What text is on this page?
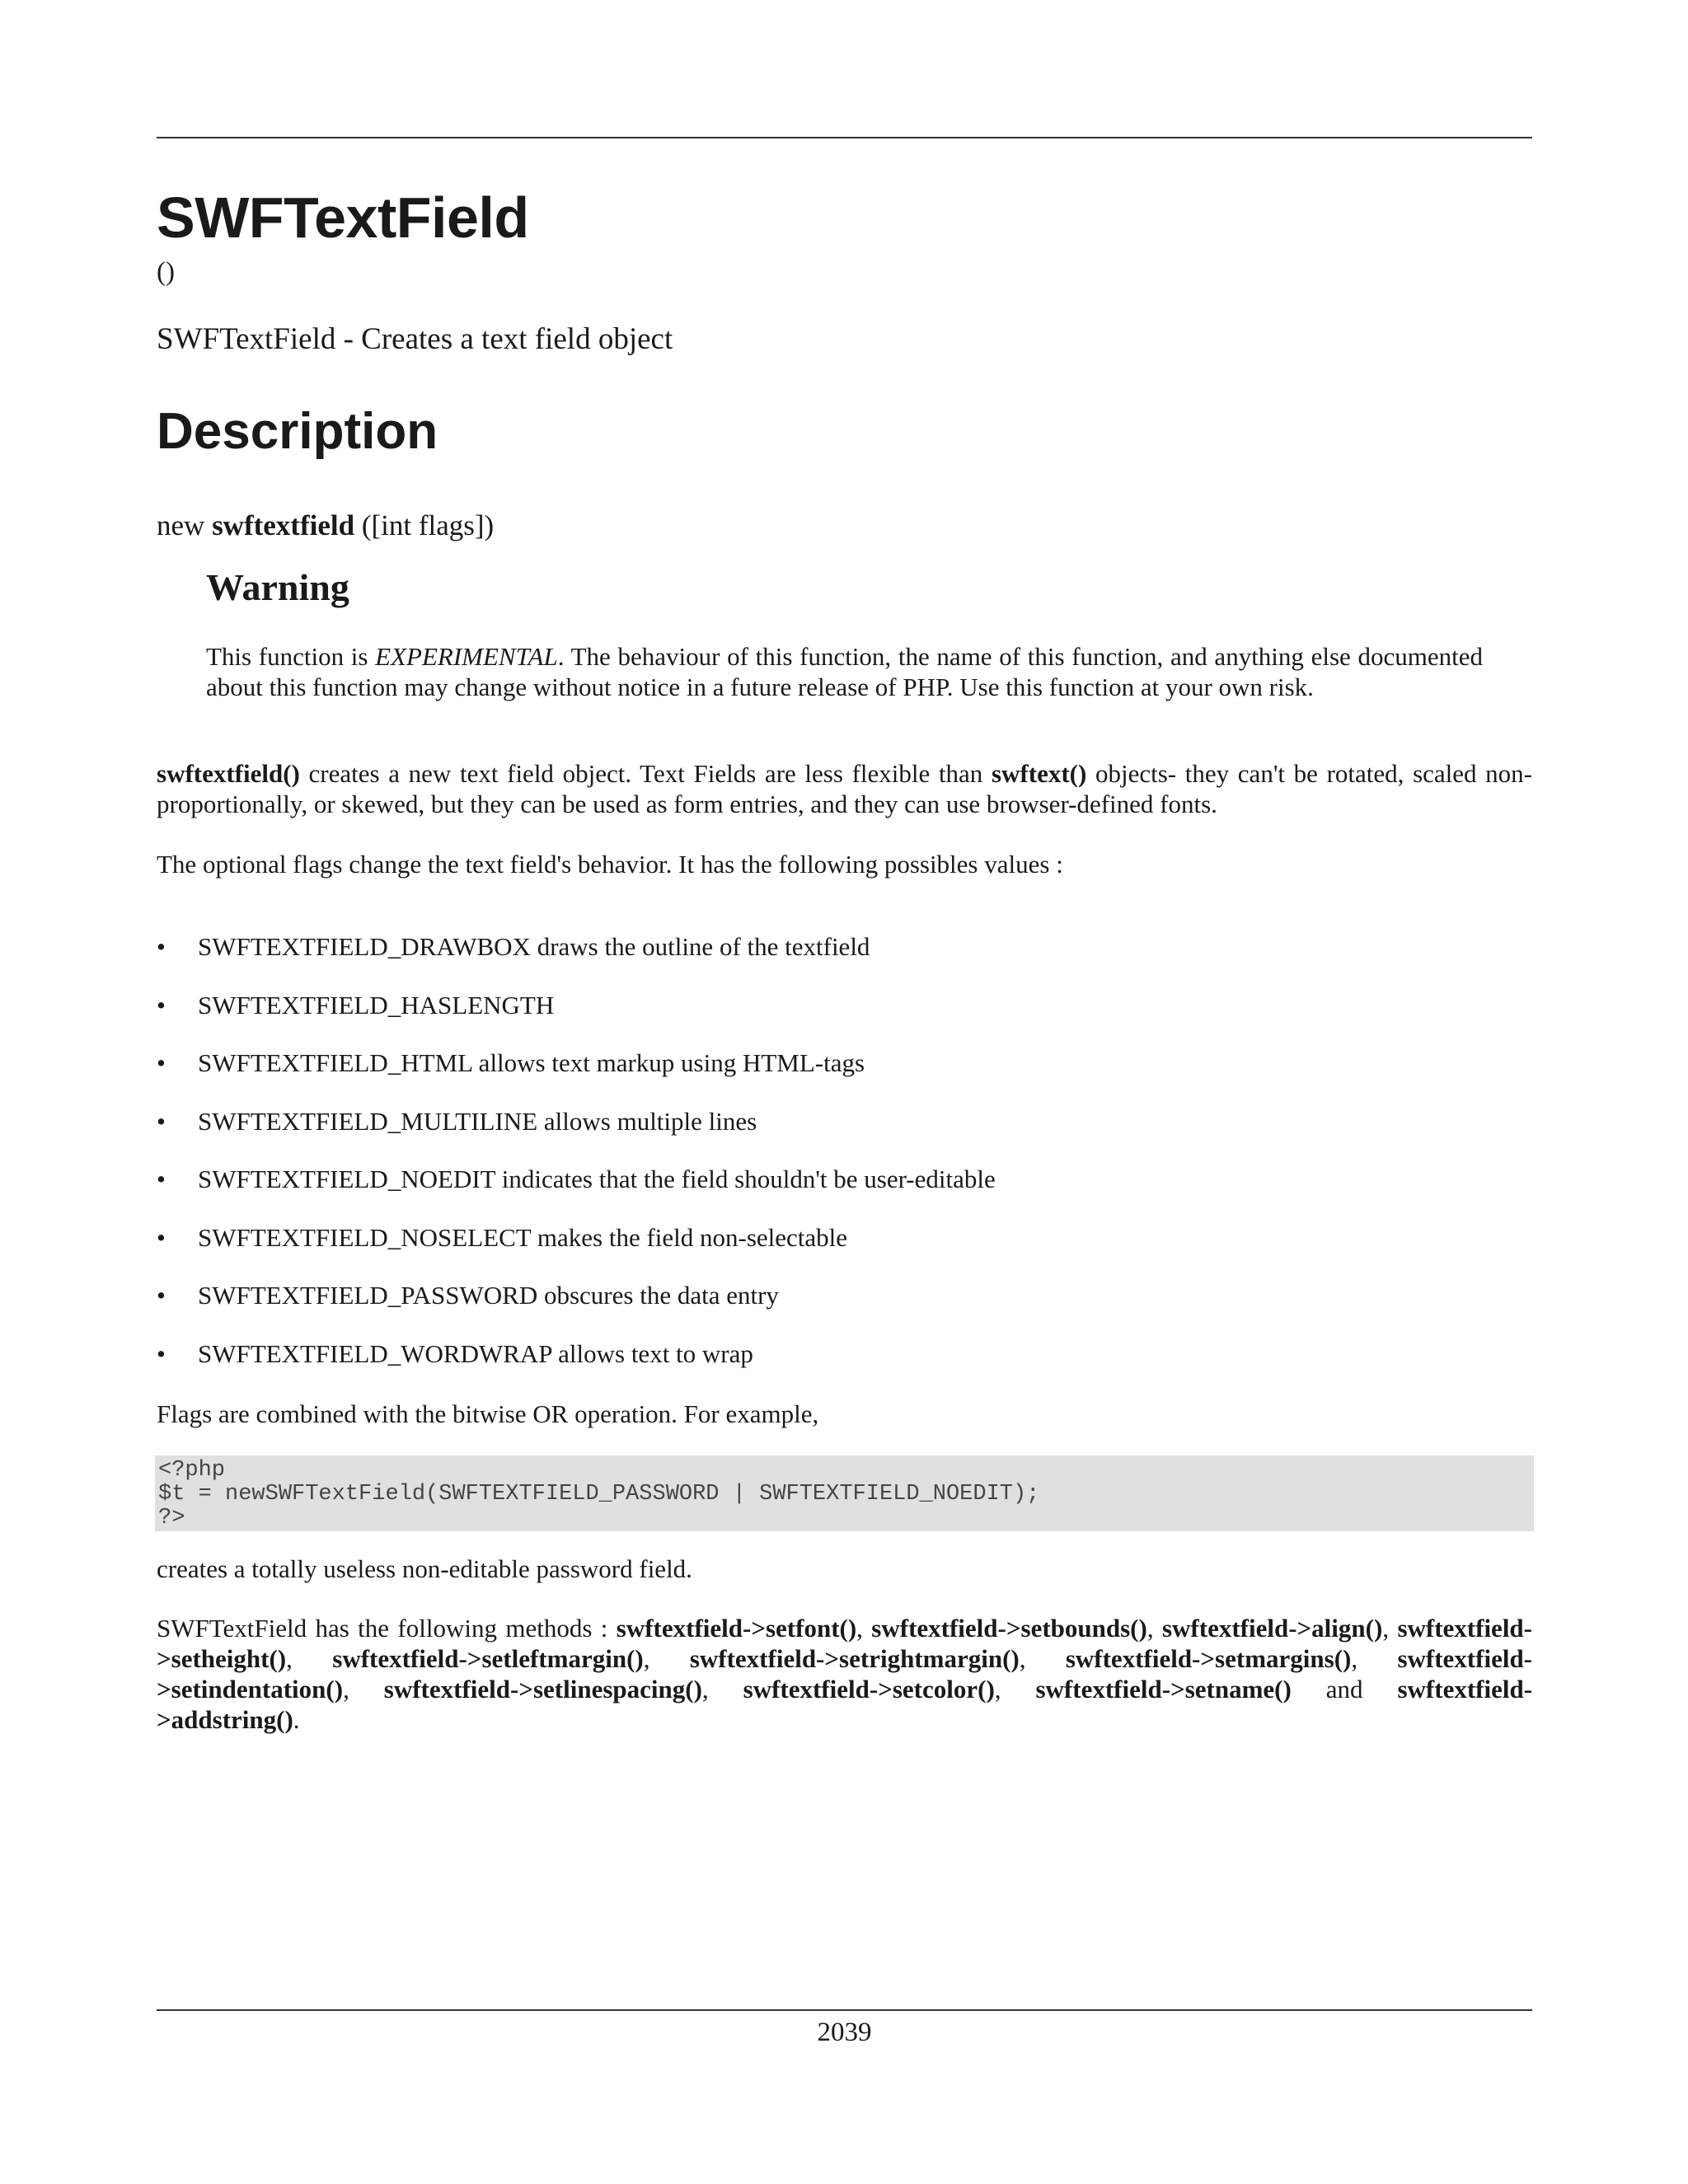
SWFTextField
()
SWFTextField - Creates a text field object
Description
new swftextfield ([int flags])
Warning

This function is EXPERIMENTAL. The behaviour of this function, the name of this function, and anything else documented about this function may change without notice in a future release of PHP. Use this function at your own risk.

swftextfield() creates a new text field object. Text Fields are less flexible than swftext() objects- they can't be rotated, scaled non-proportionally, or skewed, but they can be used as form entries, and they can use browser-defined fonts.

The optional flags change the text field's behavior. It has the following possibles values :

• SWFTEXTFIELD_DRAWBOX draws the outline of the textfield
• SWFTEXTFIELD_HASLENGTH
• SWFTEXTFIELD_HTML allows text markup using HTML-tags
• SWFTEXTFIELD_MULTILINE allows multiple lines
• SWFTEXTFIELD_NOEDIT indicates that the field shouldn't be user-editable
• SWFTEXTFIELD_NOSELECT makes the field non-selectable
• SWFTEXTFIELD_PASSWORD obscures the data entry
• SWFTEXTFIELD_WORDWRAP allows text to wrap

Flags are combined with the bitwise OR operation. For example,

<?php
$t = newSWFTextField(SWFTEXTFIELD_PASSWORD | SWFTEXTFIELD_NOEDIT);
?>

creates a totally useless non-editable password field.

SWFTextField has the following methods : swftextfield->setfont(), swftextfield->setbounds(), swftextfield->align(), swftextfield->setheight(), swftextfield->setleftmargin(), swftextfield->setrightmargin(), swftextfield->setmargins(), swftextfield->setindentation(), swftextfield->setlinespacing(), swftextfield->setcolor(), swftextfield->setname() and swftextfield->addstring().

2039
